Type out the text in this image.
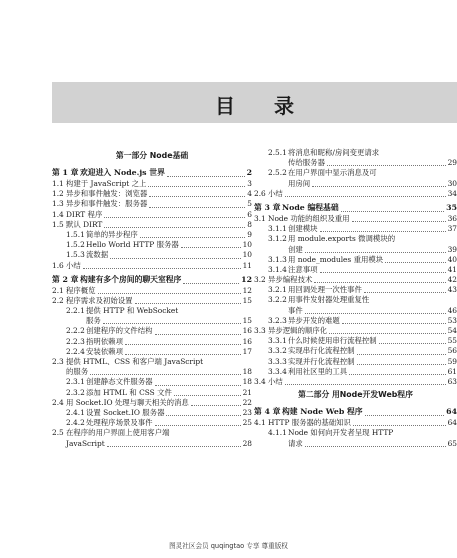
目 录
第一部分 Node基础
第 1 章 欢迎进入 Node.js 世界	2
1.1 构建于 JavaScript 之上	3
1.2 异步和事件触发：浏览器	4
1.3 异步和事件触发：服务器	5
1.4 DIRT 程序	6
1.5 默认 DIRT	8
1.5.1 简单的异步程序	9
1.5.2 Hello World HTTP 服务器	10
1.5.3 流数据	10
1.6 小结	11
第 2 章 构建有多个房间的聊天室程序	12
2.1 程序概览	12
2.2 程序需求及初始设置	15
2.2.1 提供 HTTP 和 WebSocket
服务	15
2.2.2 创建程序的文件结构	16
2.2.3 指明依赖项	16
2.2.4 安装依赖项	17
2.3 提供 HTML、CSS 和客户端 JavaScript
的服务	18
2.3.1 创建静态文件服务器	18
2.3.2 添加 HTML 和 CSS 文件	21
2.4 用 Socket.IO 处理与聊天相关的消息	22
2.4.1 设置 Socket.IO 服务器	23
2.4.2 处理程序场景及事件	25
2.5 在程序的用户界面上使用客户端
JavaScript	28
2.5.1 将消息和昵称/房间变更请求
传给服务器	29
2.5.2 在用户界面中显示消息及可
用房间	30
2.6 小结	34
第 3 章 Node 编程基础	35
3.1 Node 功能的组织及重用	36
3.1.1 创建模块	37
3.1.2 用 module.exports 微调模块的
创建	39
3.1.3 用 node_modules 重用模块	40
3.1.4 注意事项	41
3.2 异步编程技术	42
3.2.1 用回调处理一次性事件	43
3.2.2 用事件发射器处理重复性
事件	46
3.2.3 异步开发的难题	53
3.3 异步逻辑的顺序化	54
3.3.1 什么时候使用串行流程控制	55
3.3.2 实现串行化流程控制	56
3.3.3 实现并行化流程控制	59
3.3.4 利用社区里的工具	61
3.4 小结	63
第二部分 用Node开发Web程序
第 4 章 构建 Node Web 程序	64
4.1 HTTP 服务器的基础知识	64
4.1.1 Node 如何向开发者呈现 HTTP
请求	65
图灵社区会员 quqingtao 专享 尊重版权
